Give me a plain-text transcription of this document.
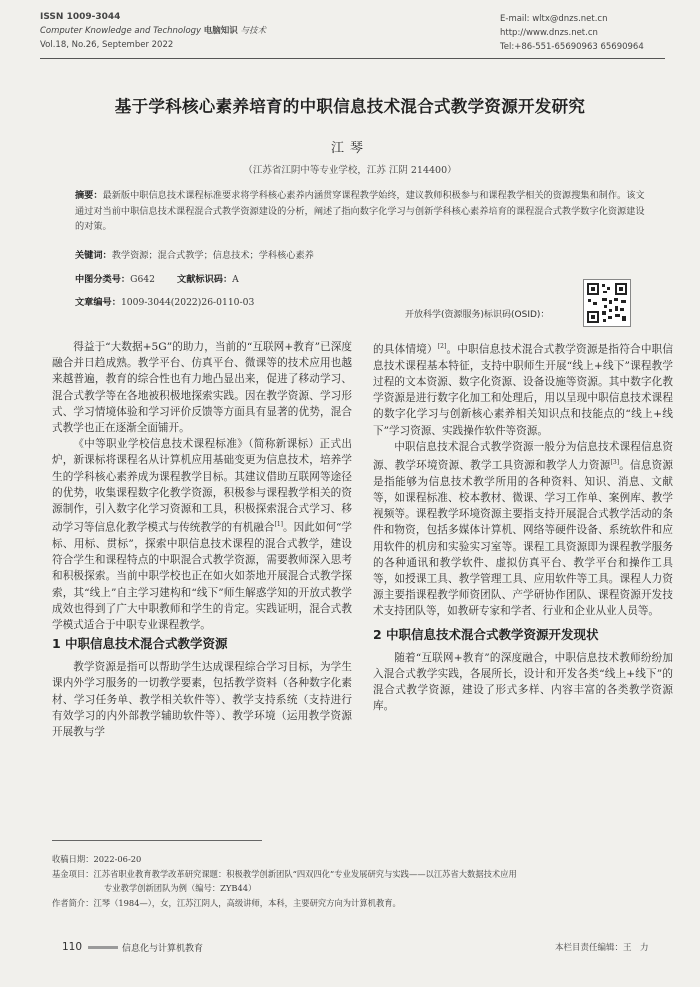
ISSN 1009-3044
Computer Knowledge and Technology 电脑知识 与技术
Vol.18, No.26, September 2022
E-mail: wltx@dnzs.net.cn
http://www.dnzs.net.cn
Tel:+86-551-65690963 65690964
基于学科核心素养培育的中职信息技术混合式教学资源开发研究
江琴
（江苏省江阴中等专业学校，江苏 江阴 214400）
摘要：最新版中职信息技术课程标准要求将学科核心素养内涵贯穿课程教学始终，建议教师积极参与和课程教学相关的资源搜集和制作。该文通过对当前中职信息技术课程混合式教学资源建设的分析，阐述了指向数字化学习与创新学科核心素养培育的课程混合式教学数字化资源建设的对策。
关键词：教学资源；混合式教学；信息技术；学科核心素养
中图分类号：G642 文献标识码：A
文章编号：1009-3044(2022)26-0110-03
开放科学(资源服务)标识码(OSID)：

得益于“大数据+5G”的助力，当前的“互联网+教育”已深度融合并日趋成熟。教学平台、仿真平台、微课等的技术应用也越来越普遍，教育的综合性也有力地凸显出来，促进了移动学习、混合式教学等在各地被积极地探索实践。因在教学资源、学习形式、学习情境体验和学习评价反馈等方面具有显著的优势，混合式教学也正在逐渐全面铺开。

《中等职业学校信息技术课程标准》（简称新课标）正式出炉，新课标将课程名从计算机应用基础变更为信息技术，培养学生的学科核心素养成为课程教学目标。其建议借助互联网等途径的优势，收集课程数字化教学资源，积极参与课程教学相关的资源制作，引入数字化学习资源和工具，积极探索混合式学习、移动学习等信息化教学模式与传统教学的有机融合[1]。因此如何“学标、用标、贯标”，探索中职信息技术课程的混合式教学，建设符合学生和课程特点的中职混合式教学资源，需要教师深入思考和积极探索。当前中职学校也正在如火如荼地开展混合式教学探索，其“线上”自主学习建构和“线下”师生解惑学知的开放式教学成效也得到了广大中职教师和学生的肯定。实践证明，混合式教学模式适合于中职专业课程教学。

1 中职信息技术混合式教学资源

教学资源是指可以帮助学生达成课程综合学习目标，为学生课内外学习服务的一切教学要素，包括教学资料（各种数字化素材、学习任务单、教学相关软件等）、教学支持系统（支持进行有效学习的内外部教学辅助软件等）、教学环境（运用教学资源开展教与学

的具体情境）[2]。中职信息技术混合式教学资源是指符合中职信息技术课程基本特征，支持中职师生开展“线上+线下”课程教学过程的文本资源、数字化资源、设备设施等资源。其中数字化教学资源是进行数字化加工和处理后，用以呈现中职信息技术课程的数字化学习与创新核心素养相关知识点和技能点的“线上+线下”学习资源、实践操作软件等资源。

中职信息技术混合式教学资源一般分为信息技术课程信息资源、教学环境资源、教学工具资源和教学人力资源[3]。信息资源是指能够为信息技术教学所用的各种资料、知识、消息、文献等，如课程标准、校本教材、微课、学习工作单、案例库、教学视频等。课程教学环境资源主要指支持开展混合式教学活动的条件和物资，包括多媒体计算机、网络等硬件设备、系统软件和应用软件的机房和实验实习室等。课程工具资源即为课程教学服务的各种通讯和教学软件、虚拟仿真平台、教学平台和操作工具等，如授课工具、教学管理工具、应用软件等工具。课程人力资源主要指课程教学师资团队、产学研协作团队、课程资源开发技术支持团队等，如教研专家和学者、行业和企业从业人员等。

2 中职信息技术混合式教学资源开发现状

随着“互联网+教育”的深度融合，中职信息技术教师纷纷加入混合式教学实践，各展所长，设计和开发各类“线上+线下”的混合式教学资源，建设了形式多样、内容丰富的各类教学资源库。

收稿日期：2022-06-20
基金项目：江苏省职业教育教学改革研究课题：积极教学创新团队“四双四化”专业发展研究与实践——以江苏省大数据技术应用
专业教学创新团队为例（编号：ZYB44）
作者简介：江琴（1984—），女，江苏江阴人，高级讲师，本科，主要研究方向为计算机教育。
110	信息化与计算机教育	本栏目责任编辑：王　力
